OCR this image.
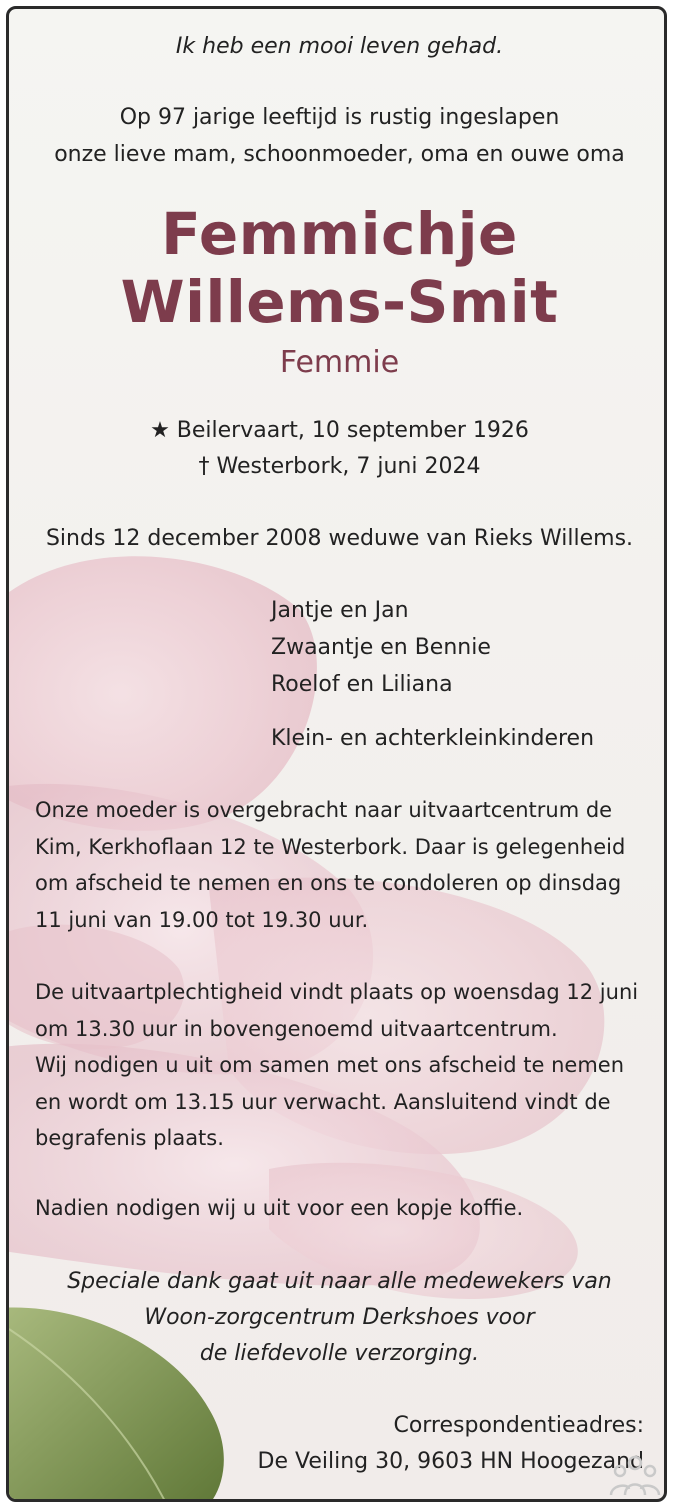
Ik heb een mooi leven gehad.
Op 97 jarige leeftijd is rustig ingeslapen
onze lieve mam, schoonmoeder, oma en ouwe oma
Femmichje
Willems-Smit
Femmie
★ Beilervaart, 10 september 1926
† Westerbork, 7 juni 2024
Sinds 12 december 2008 weduwe van Rieks Willems.
Jantje en Jan
Zwaantje en Bennie
Roelof en Liliana
Klein- en achterkleinkinderen
Onze moeder is overgebracht naar uitvaartcentrum de
Kim, Kerkhoflaan 12 te Westerbork. Daar is gelegenheid
om afscheid te nemen en ons te condoleren op dinsdag
11 juni van 19.00 tot 19.30 uur.
De uitvaartplechtigheid vindt plaats op woensdag 12 juni
om 13.30 uur in bovengenoemd uitvaartcentrum.
Wij nodigen u uit om samen met ons afscheid te nemen
en wordt om 13.15 uur verwacht. Aansluitend vindt de
begrafenis plaats.
Nadien nodigen wij u uit voor een kopje koffie.
Speciale dank gaat uit naar alle medewekers van
Woon-zorgcentrum Derkshoes voor
de liefdevolle verzorging.
Correspondentieadres:
De Veiling 30, 9603 HN Hoogezand
